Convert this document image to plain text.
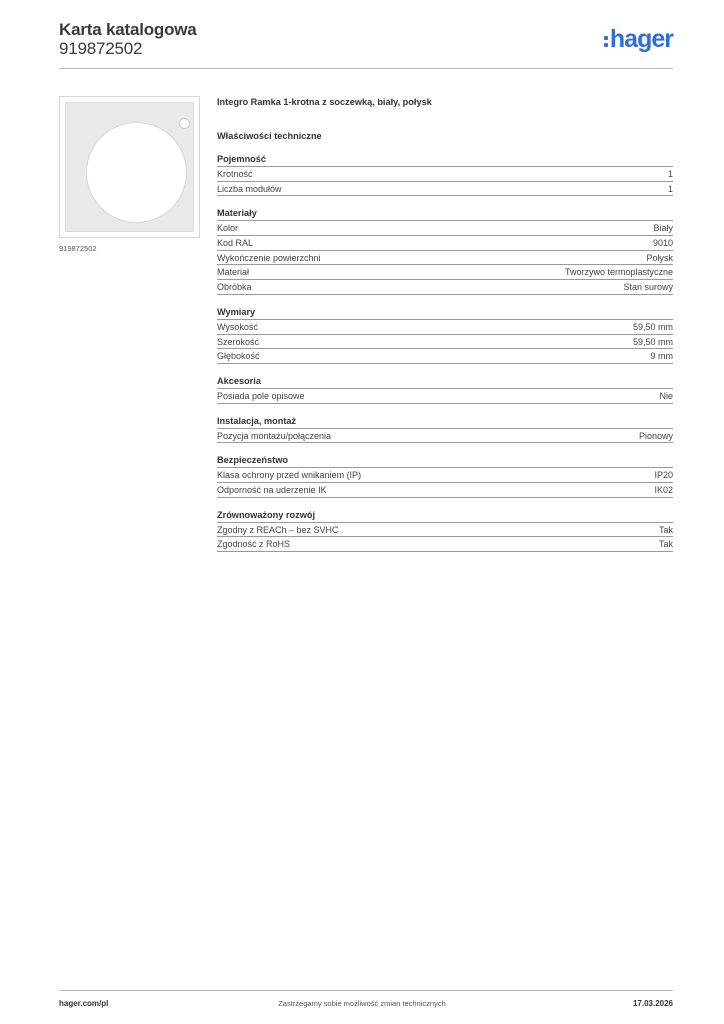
Karta katalogowa
919872502	hager
919872502
Integro Ramka 1-krotna z soczewką, biały, połysk
Właściwości techniczne
Pojemność
Krotność	1
Liczba modułów	1
Materiały
Kolor	Biały
Kod RAL	9010
Wykończenie powierzchni	Połysk
Materiał	Tworzywo termoplastyczne
Obróbka	Stan surowy
Wymiary
Wysokość	59,50 mm
Szerokość	59,50 mm
Głębokość	9 mm
Akcesoria
Posiada pole opisowe	Nie
Instalacja, montaż
Pozycja montażu/połączenia	Pionowy
Bezpieczeństwo
Klasa ochrony przed wnikaniem (IP)	IP20
Odporność na uderzenie IK	IK02
Zrównoważony rozwój
Zgodny z REACh – bez SVHC	Tak
Zgodność z RoHS	Tak
hager.com/pl	Zastrzegamy sobie możliwość zmian technicznych	17.03.2026
